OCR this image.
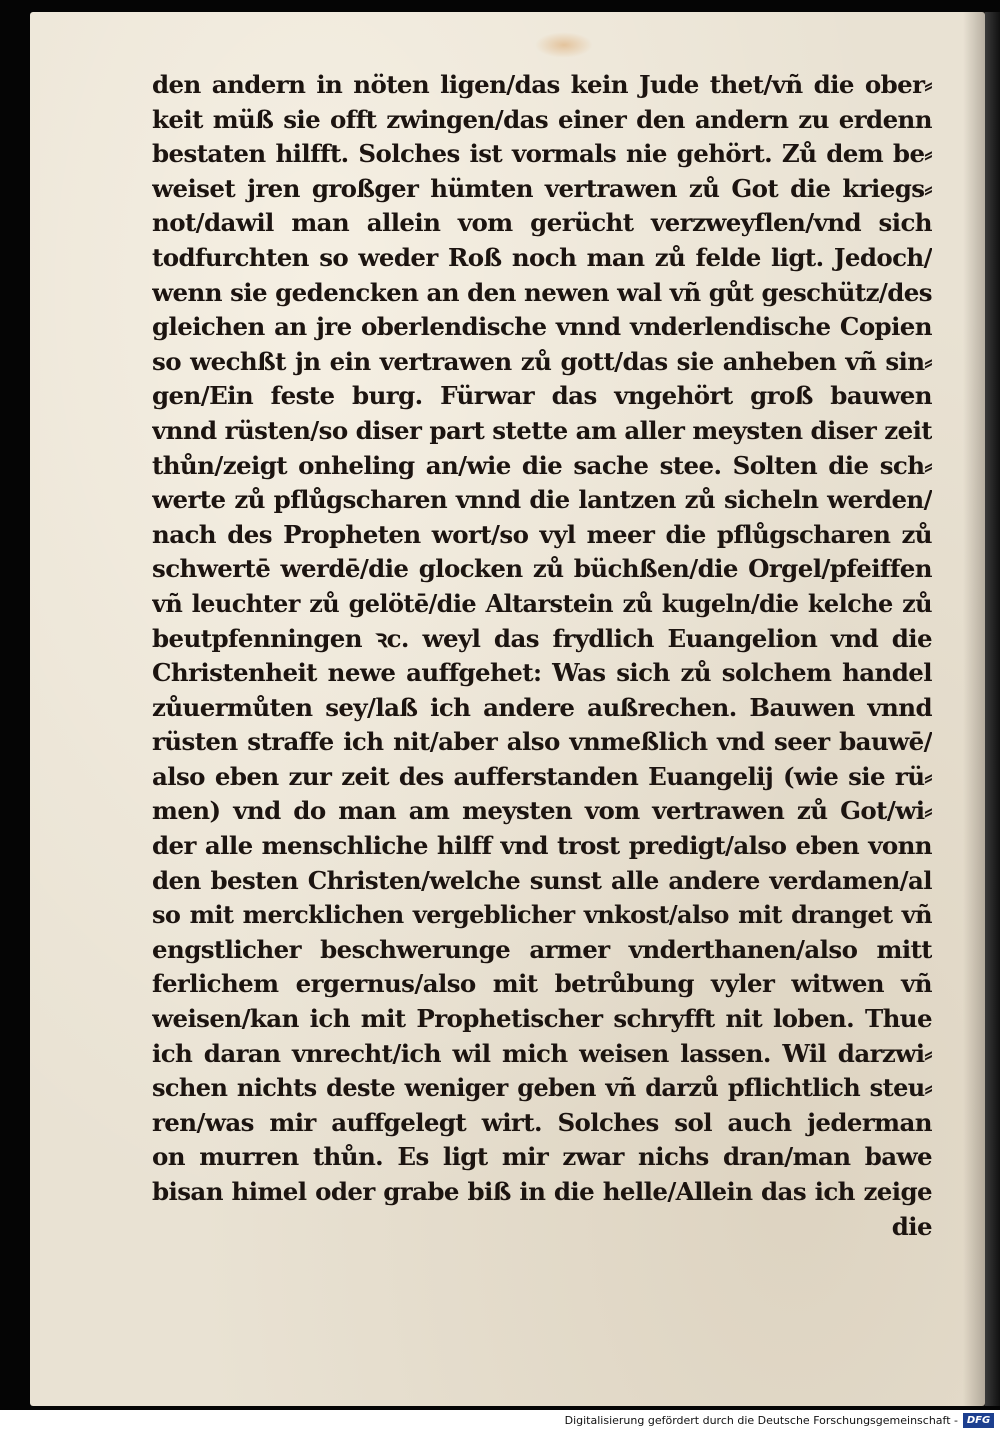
den andern in nöten ligen/das kein Jude thet/vñ die ober⸗
keit müß sie offt zwingen/das einer den andern zu erdenn
bestaten hilfft. Solches ist vormals nie gehört. Zů dem be⸗
weiset jren großger hümten vertrawen zů Got die kriegs⸗
not/dawil man allein vom gerücht verzweyflen/vnd sich
todfurchten so weder Roß noch man zů felde ligt. Jedoch/
wenn sie gedencken an den newen wal vñ gůt geschütz/des
gleichen an jre oberlendische vnnd vnderlendische Copien
so wechßt jn ein vertrawen zů gott/das sie anheben vñ sin⸗
gen/Ein feste burg. Fürwar das vngehört groß bauwen
vnnd rüsten/so diser part stette am aller meysten diser zeit
thůn/zeigt onheling an/wie die sache stee. Solten die sch⸗
werte zů pflůgscharen vnnd die lantzen zů sicheln werden/
nach des Propheten wort/so vyl meer die pflůgscharen zů
schwertē werdē/die glocken zů büchßen/die Orgel/pfeiffen
vñ leuchter zů gelötē/die Altarstein zů kugeln/die kelche zů
beutpfenningen ꝛc. weyl das frydlich Euangelion vnd die
Christenheit newe auffgehet: Was sich zů solchem handel
zůuermůten sey/laß ich andere außrechen. Bauwen vnnd
rüsten straffe ich nit/aber also vnmeßlich vnd seer bauwē/
also eben zur zeit des aufferstanden Euangelij (wie sie rü⸗
men) vnd do man am meysten vom vertrawen zů Got/wi⸗
der alle menschliche hilff vnd trost predigt/also eben vonn
den besten Christen/welche sunst alle andere verdamen/al
so mit mercklichen vergeblicher vnkost/also mit dranget vñ
engstlicher beschwerunge armer vnderthanen/also mitt
ferlichem ergernus/also mit betrůbung vyler witwen vñ
weisen/kan ich mit Prophetischer schryfft nit loben. Thue
ich daran vnrecht/ich wil mich weisen lassen. Wil darzwi⸗
schen nichts deste weniger geben vñ darzů pflichtlich steu⸗
ren/was mir auffgelegt wirt. Solches sol auch jederman
on murren thůn. Es ligt mir zwar nichs dran/man bawe
bisan himel oder grabe biß in die helle/Allein das ich zeige
die
Digitalisierung gefördert durch die Deutsche Forschungsgemeinschaft - DFG
